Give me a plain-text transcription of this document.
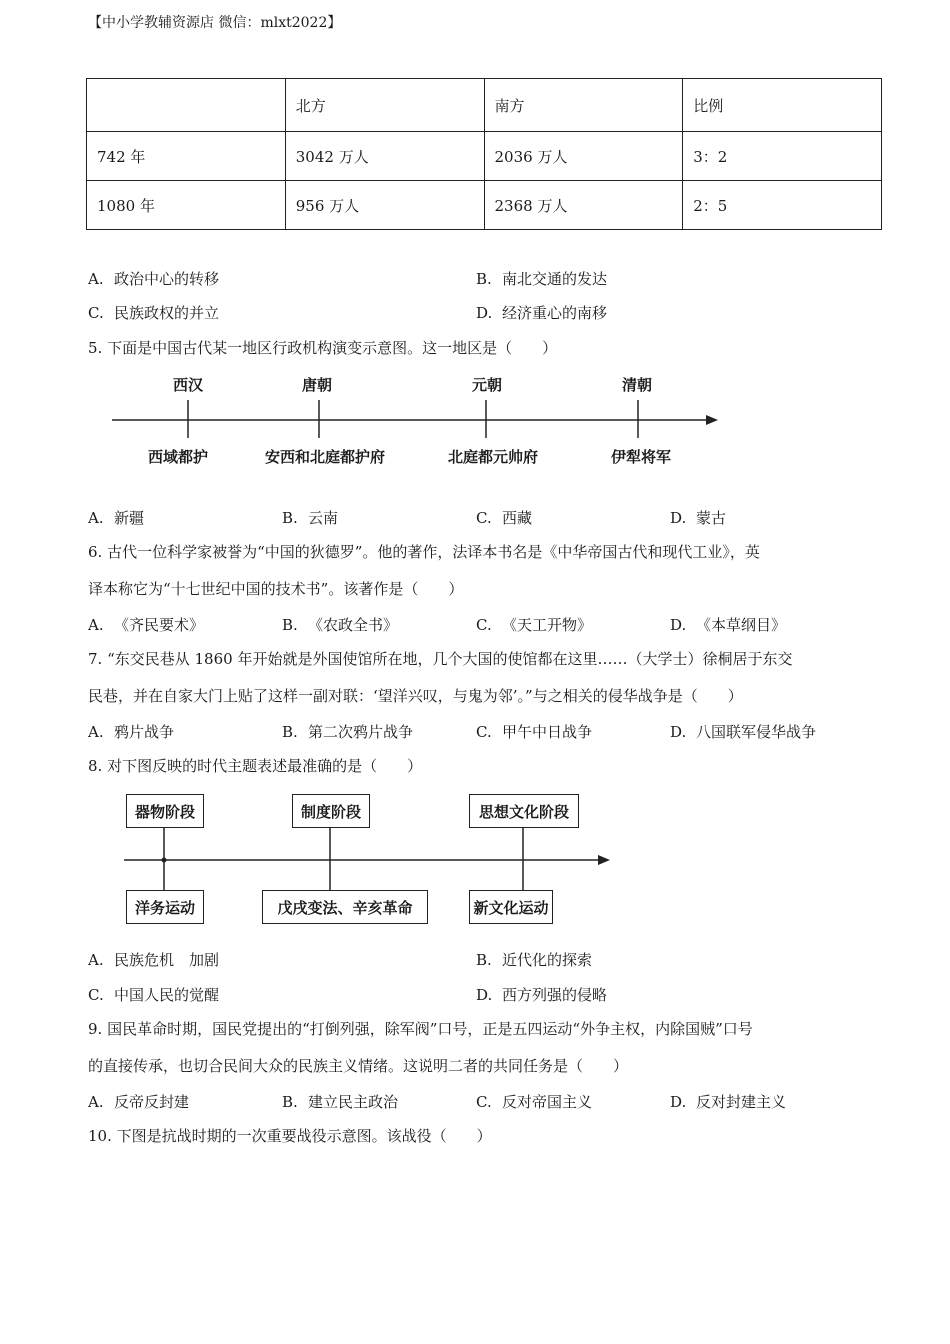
【中小学教辅资源店 微信：mlxt2022】
	北方	南方	比例
742 年	3042 万人	2036 万人	3：2
1080 年	956 万人	2368 万人	2：5
A. 政治中心的转移	B. 南北交通的发达
C. 民族政权的并立	D. 经济重心的南移
5. 下面是中国古代某一地区行政机构演变示意图。这一地区是（　　）
西汉	唐朝	元朝	清朝
西域都护	安西和北庭都护府	北庭都元帅府	伊犁将军
A. 新疆	B. 云南	C. 西藏	D. 蒙古
6. 古代一位科学家被誉为“中国的狄德罗”。他的著作，法译本书名是《中华帝国古代和现代工业》，英
译本称它为“十七世纪中国的技术书”。该著作是（　　）
A. 《齐民要术》	B. 《农政全书》	C. 《天工开物》	D. 《本草纲目》
7. “东交民巷从 1860 年开始就是外国使馆所在地，几个大国的使馆都在这里……（大学士）徐桐居于东交
民巷，并在自家大门上贴了这样一副对联：‘望洋兴叹，与鬼为邻’。”与之相关的侵华战争是（　　）
A. 鸦片战争	B. 第二次鸦片战争	C. 甲午中日战争	D. 八国联军侵华战争
8. 对下图反映的时代主题表述最准确的是（　　）
器物阶段	制度阶段	思想文化阶段
洋务运动	戊戌变法、辛亥革命	新文化运动
A. 民族危机　加剧	B. 近代化的探索
C. 中国人民的觉醒	D. 西方列强的侵略
9. 国民革命时期，国民党提出的“打倒列强，除军阀”口号，正是五四运动“外争主权，内除国贼”口号
的直接传承，也切合民间大众的民族主义情绪。这说明二者的共同任务是（　　）
A. 反帝反封建	B. 建立民主政治	C. 反对帝国主义	D. 反对封建主义
10. 下图是抗战时期的一次重要战役示意图。该战役（　　）
